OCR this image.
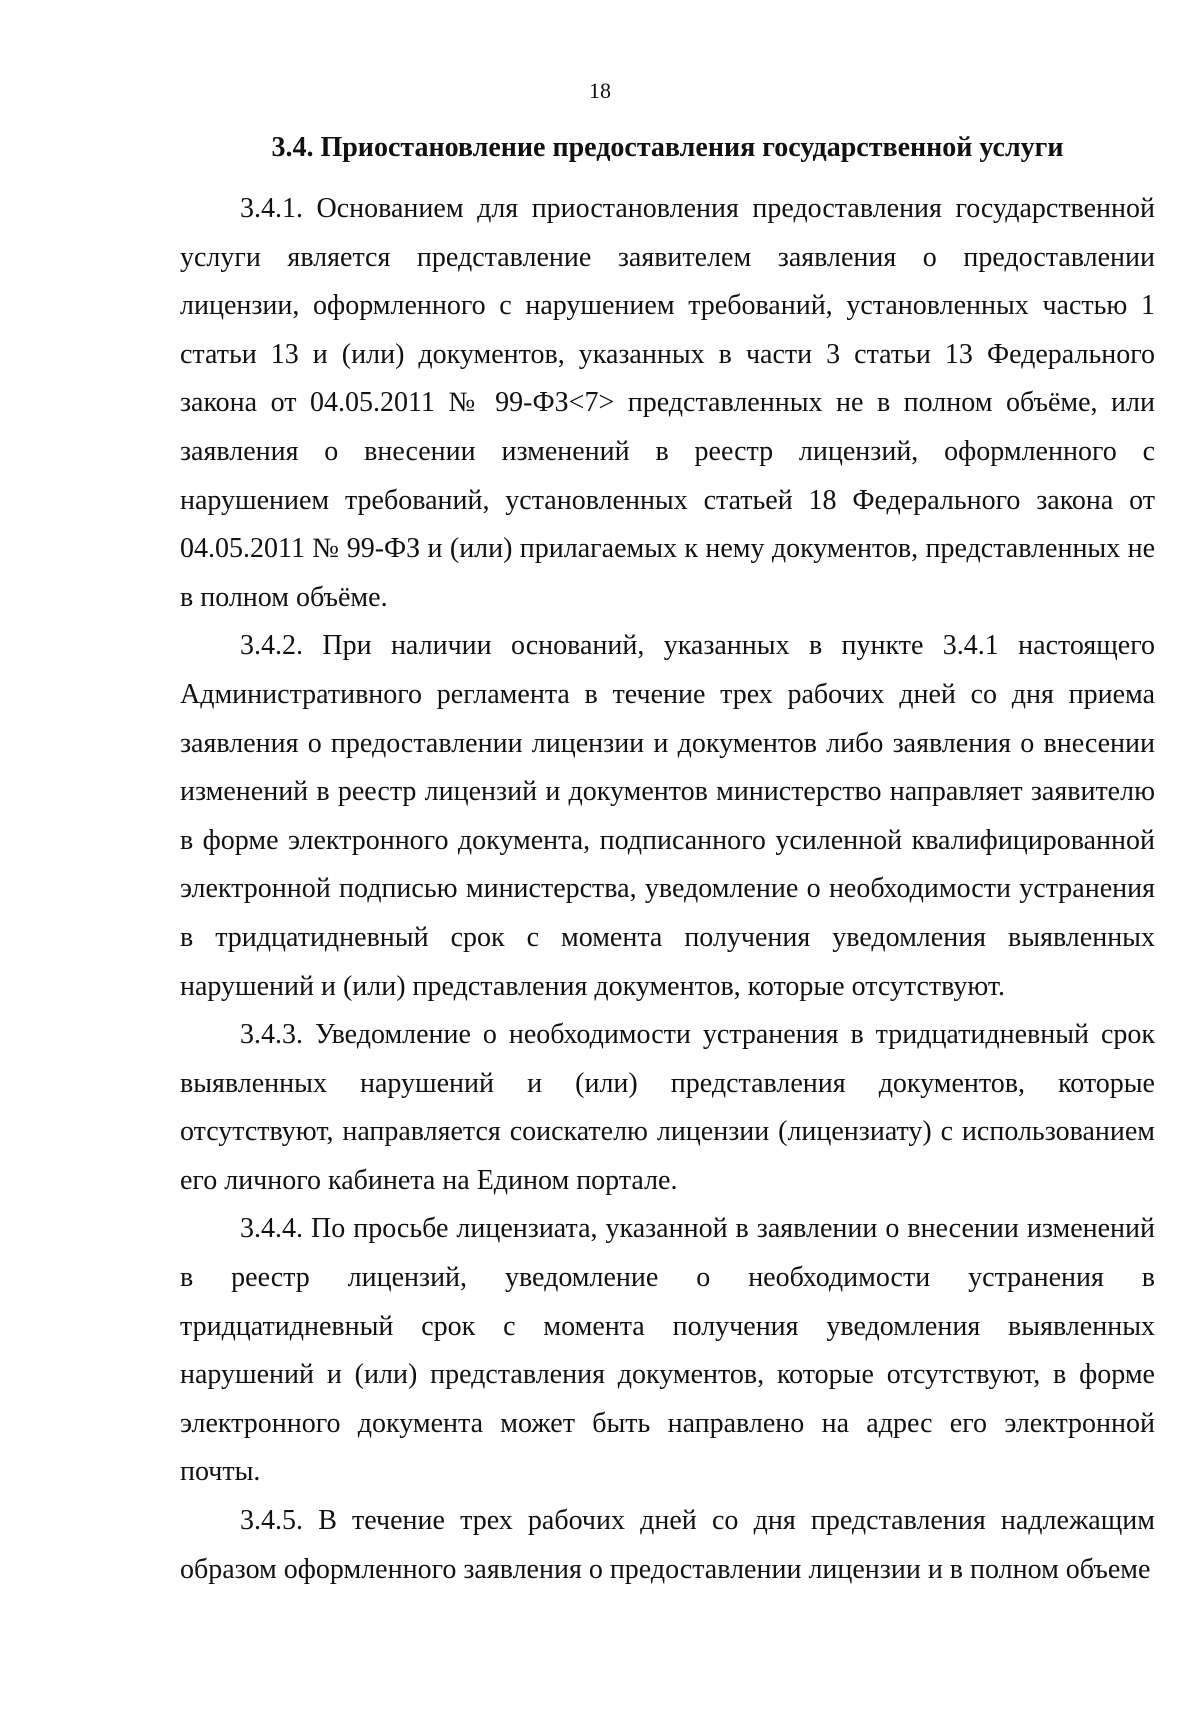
18
3.4. Приостановление предоставления государственной услуги

3.4.1. Основанием для приостановления предоставления государственной услуги является представление заявителем заявления о предоставлении лицензии, оформленного с нарушением требований, установленных частью 1 статьи 13 и (или) документов, указанных в части 3 статьи 13 Федерального закона от 04.05.2011 № 99-ФЗ<7> представленных не в полном объёме, или заявления о внесении изменений в реестр лицензий, оформленного с нарушением требований, установленных статьей 18 Федерального закона от 04.05.2011 № 99-ФЗ и (или) прилагаемых к нему документов, представленных не в полном объёме.

3.4.2. При наличии оснований, указанных в пункте 3.4.1 настоящего Административного регламента в течение трех рабочих дней со дня приема заявления о предоставлении лицензии и документов либо заявления о внесении изменений в реестр лицензий и документов министерство направляет заявителю в форме электронного документа, подписанного усиленной квалифицированной электронной подписью министерства, уведомление о необходимости устранения в тридцатидневный срок с момента получения уведомления выявленных нарушений и (или) представления документов, которые отсутствуют.

3.4.3. Уведомление о необходимости устранения в тридцатидневный срок выявленных нарушений и (или) представления документов, которые отсутствуют, направляется соискателю лицензии (лицензиату) с использованием его личного кабинета на Едином портале.

3.4.4. По просьбе лицензиата, указанной в заявлении о внесении изменений в реестр лицензий, уведомление о необходимости устранения в тридцатидневный срок с момента получения уведомления выявленных нарушений и (или) представления документов, которые отсутствуют, в форме электронного документа может быть направлено на адрес его электронной почты.

3.4.5. В течение трех рабочих дней со дня представления надлежащим образом оформленного заявления о предоставлении лицензии и в полном объеме
